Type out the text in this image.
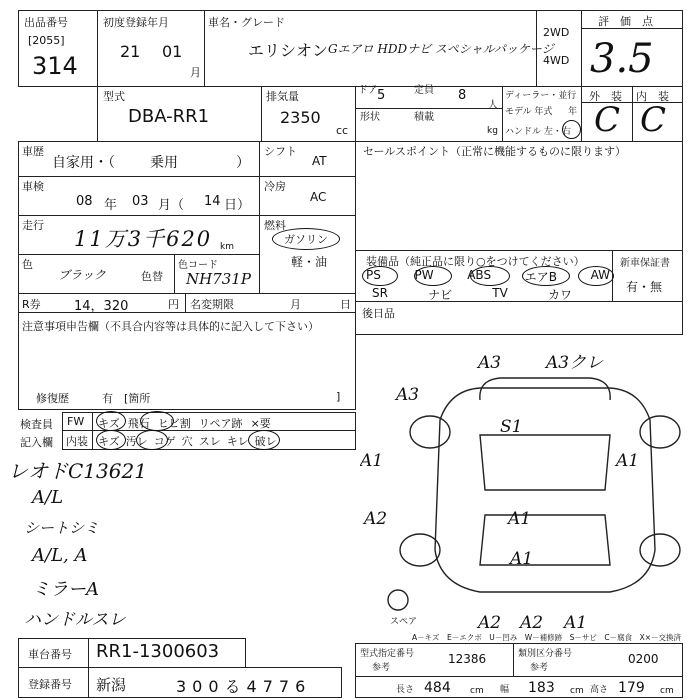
出品番号
[2055]
314
初度登録年月
21 01
月
車名・グレード
エリシオン Gエアロ HDDナビ スペシャルパッケージ
2WD
4WD
評　価　点
3.5
外　装 内　装
C C
型式
DBA-RR1
排気量
2350
cc
ドア 5	定員 8
人
形状	積載
kg
ディーラー・並行
モデル 年式 年
ハンドル 左・右
車歴
自家用・（	乗用	）
シフト
AT
車検
08 年 03 月（ 14 日）
冷房
AC
走行
11万3千620 km
燃料
ガソリン
軽・油
色
ブラック	色替
色コード
NH731P
R券	14，320	円 名変期限	月	日
注意事項申告欄（不具合内容等は具体的に記入して下さい）
修復歴	有　[箇所	]
検査員
記入欄
FW
内装
キズ 飛石 ヒビ割 リペア跡 ×要
キズ 汚レ コゲ 穴 スレ キレ 破レ
レオドC13621
A/L
シートシミ
A/L, A
ミラーA
ハンドルスレ
セールスポイント（正常に機能するものに限ります）
装備品（純正品に限り○をつけてください）	新車保証書
有・無
PS	PW	ABS	エアB	AW
SR	ナビ	TV	カワ
後日品
A3	A3クレ
A3
S1
A1	A1
A1
A2
A1
A2 A2 A1
スペア
A－キズ　E－エクボ　U－凹み　W－補修跡　S－サビ　C－腐食　X×－交換済
車台番号 RR1-1300603
登録番号 新潟	300る4776
型式指定番号
参考
12386	類別区分番号
参考
0200
長さ 484 cm 幅 183 cm 高さ 179 cm
